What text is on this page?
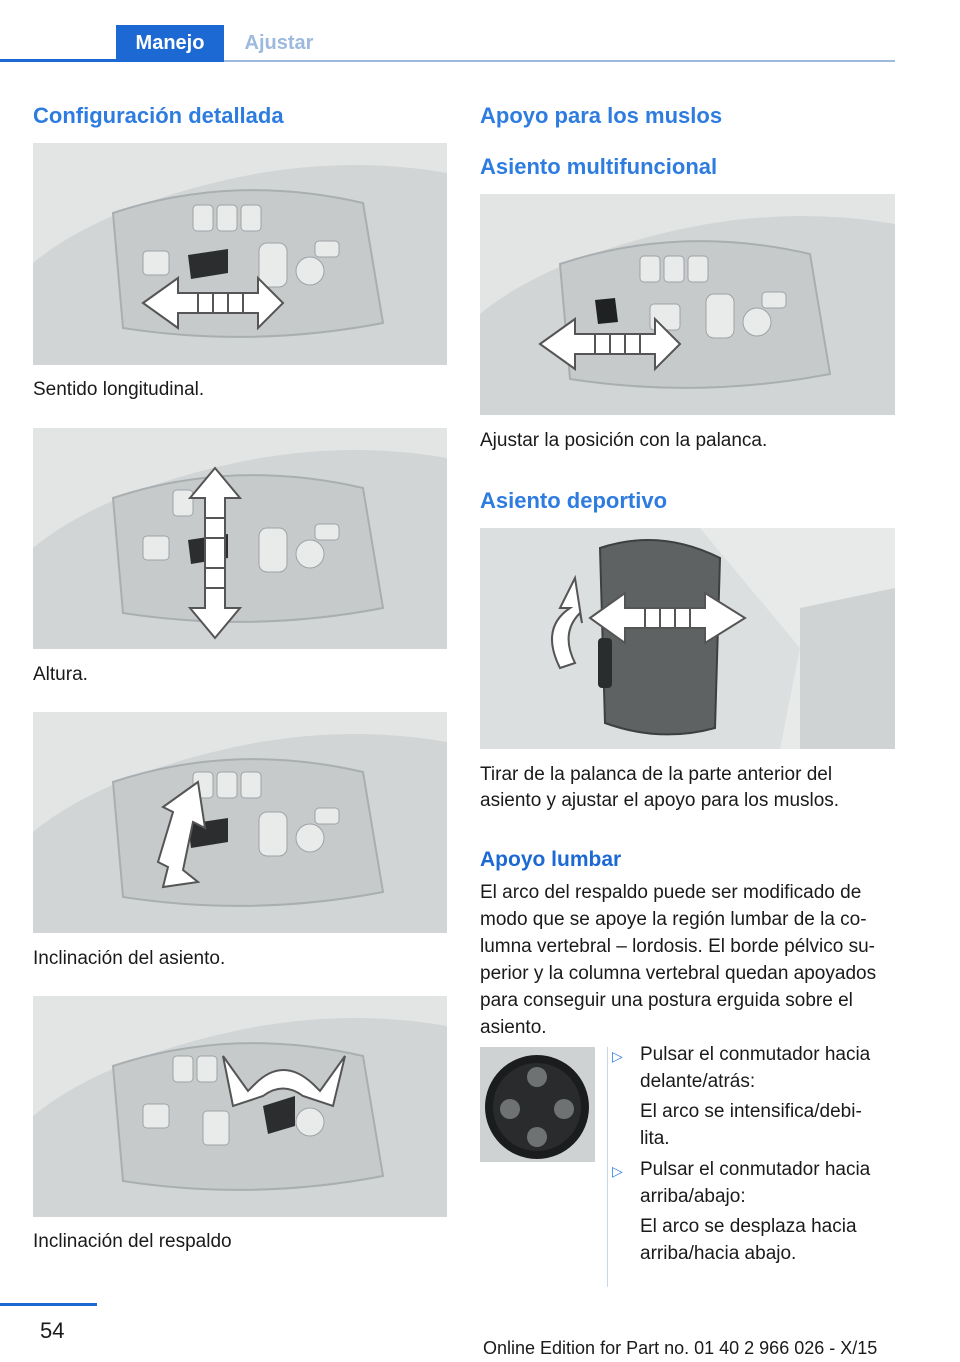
Manejo	Ajustar
Configuración detallada
Sentido longitudinal.
Altura.
Inclinación del asiento.
Inclinación del respaldo
Apoyo para los muslos
Asiento multifuncional
Ajustar la posición con la palanca.
Asiento deportivo
Tirar de la palanca de la parte anterior del
asiento y ajustar el apoyo para los muslos.
Apoyo lumbar
El arco del respaldo puede ser modificado de
modo que se apoye la región lumbar de la co-
lumna vertebral – lordosis. El borde pélvico su-
perior y la columna vertebral quedan apoyados
para conseguir una postura erguida sobre el
asiento.
▷ Pulsar el conmutador hacia
delante/atrás:
El arco se intensifica/debi-
lita.
▷ Pulsar el conmutador hacia
arriba/abajo:
El arco se desplaza hacia
arriba/hacia abajo.
54
Online Edition for Part no. 01 40 2 966 026 - X/15
